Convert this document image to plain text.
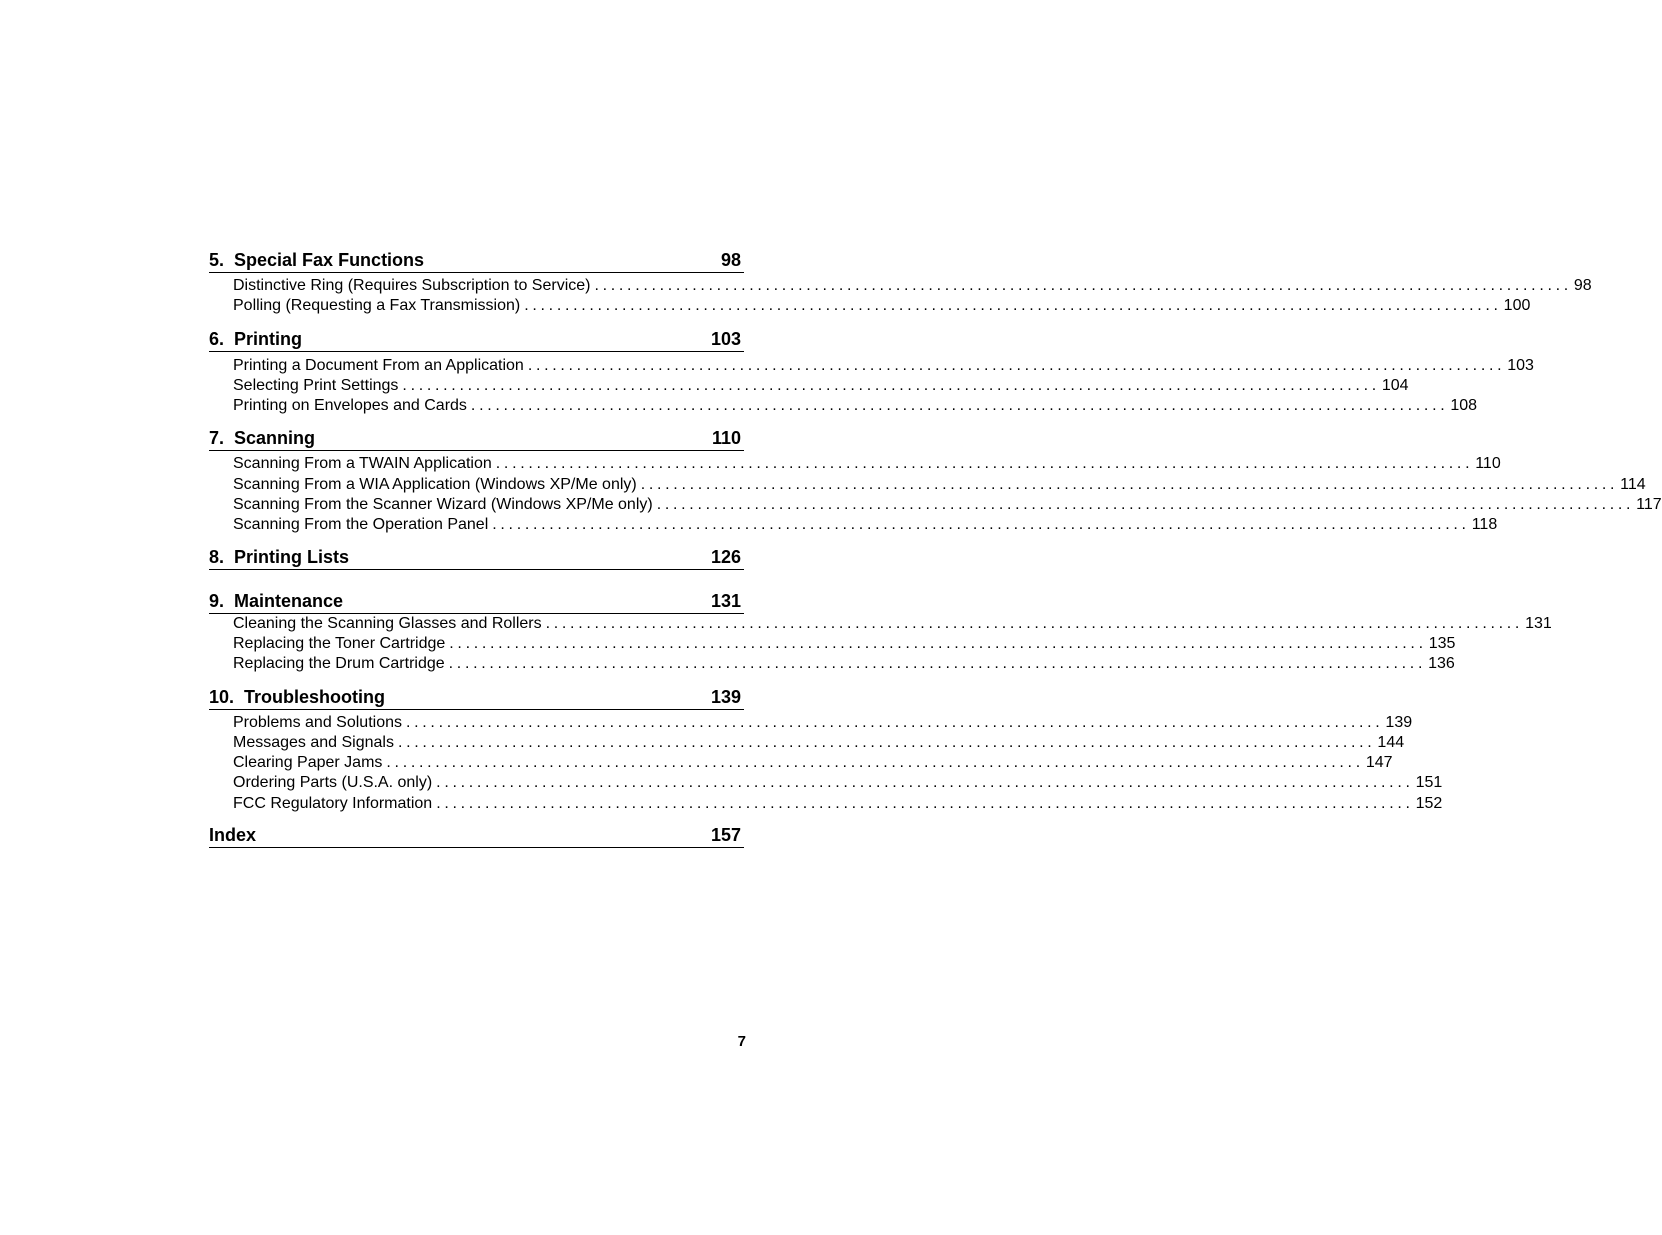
5.  Special Fax Functions	98
Distinctive Ring (Requires Subscription to Service) ........................................................................................................................ 98
Polling (Requesting a Fax Transmission) ........................................................................................................................ 100
6.  Printing	103
Printing a Document From an Application ........................................................................................................................ 103
Selecting Print Settings ........................................................................................................................ 104
Printing on Envelopes and Cards ........................................................................................................................ 108
7.  Scanning	110
Scanning From a TWAIN Application ........................................................................................................................ 110
Scanning From a WIA Application (Windows XP/Me only) ........................................................................................................................ 114
Scanning From the Scanner Wizard (Windows XP/Me only) ........................................................................................................................ 117
Scanning From the Operation Panel ........................................................................................................................ 118
8.  Printing Lists	126
9.  Maintenance	131
Cleaning the Scanning Glasses and Rollers ........................................................................................................................ 131
Replacing the Toner Cartridge ........................................................................................................................ 135
Replacing the Drum Cartridge ........................................................................................................................ 136
10.  Troubleshooting	139
Problems and Solutions ........................................................................................................................ 139
Messages and Signals ........................................................................................................................ 144
Clearing Paper Jams ........................................................................................................................ 147
Ordering Parts (U.S.A. only) ........................................................................................................................ 151
FCC Regulatory Information ........................................................................................................................ 152
Index	157
7
